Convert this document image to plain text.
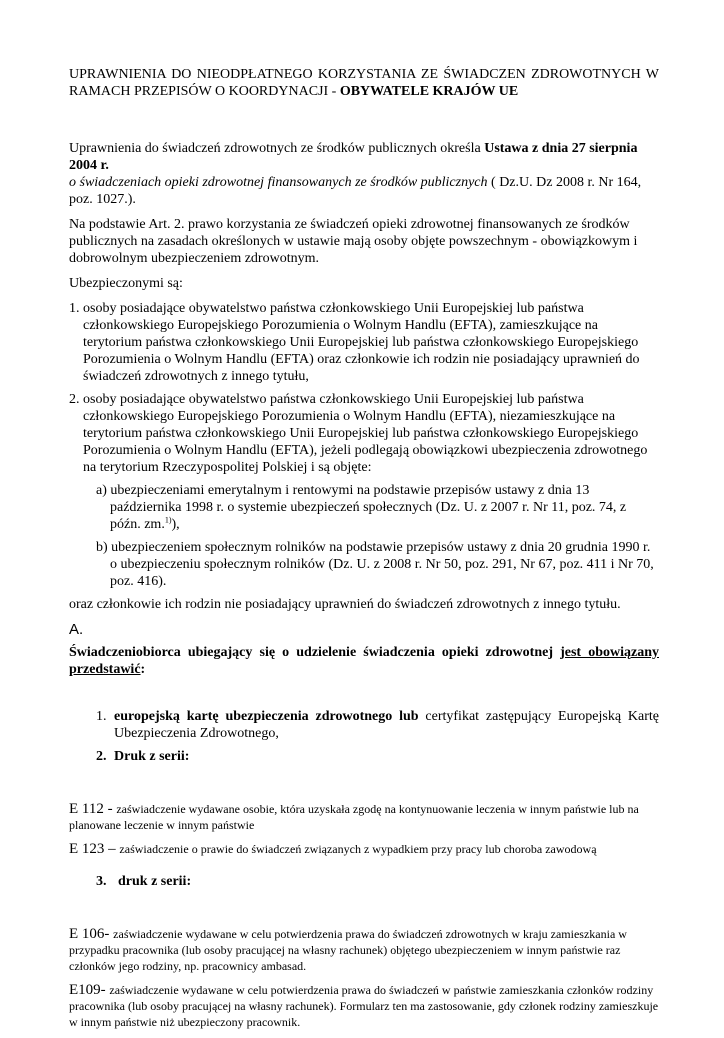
UPRAWNIENIA DO NIEODPŁATNEGO KORZYSTANIA ZE ŚWIADCZEN ZDROWOTNYCH W RAMACH PRZEPISÓW O KOORDYNACJI - OBYWATELE KRAJÓW UE

Uprawnienia do świadczeń zdrowotnych ze środków publicznych określa Ustawa z dnia 27 sierpnia 2004 r.
o świadczeniach opieki zdrowotnej finansowanych ze środków publicznych ( Dz.U. Dz 2008 r. Nr 164, poz. 1027.).

Na podstawie Art. 2. prawo korzystania ze świadczeń opieki zdrowotnej finansowanych ze środków publicznych na zasadach określonych w ustawie mają osoby objęte powszechnym - obowiązkowym i dobrowolnym ubezpieczeniem zdrowotnym.

Ubezpieczonymi są:

1. osoby posiadające obywatelstwo państwa członkowskiego Unii Europejskiej lub państwa członkowskiego Europejskiego Porozumienia o Wolnym Handlu (EFTA), zamieszkujące na terytorium państwa członkowskiego Unii Europejskiej lub państwa członkowskiego Europejskiego Porozumienia o Wolnym Handlu (EFTA) oraz członkowie ich rodzin nie posiadający uprawnień do świadczeń zdrowotnych z innego tytułu,

2. osoby posiadające obywatelstwo państwa członkowskiego Unii Europejskiej lub państwa członkowskiego Europejskiego Porozumienia o Wolnym Handlu (EFTA), niezamieszkujące na terytorium państwa członkowskiego Unii Europejskiej lub państwa członkowskiego Europejskiego Porozumienia o Wolnym Handlu (EFTA), jeżeli podlegają obowiązkowi ubezpieczenia zdrowotnego na terytorium Rzeczypospolitej Polskiej i są objęte:

a) ubezpieczeniami emerytalnym i rentowymi na podstawie przepisów ustawy z dnia 13 października 1998 r. o systemie ubezpieczeń społecznych (Dz. U. z 2007 r. Nr 11, poz. 74, z późn. zm.$^{1)}$),

b) ubezpieczeniem społecznym rolników na podstawie przepisów ustawy z dnia 20 grudnia 1990 r. o ubezpieczeniu społecznym rolników (Dz. U. z 2008 r. Nr 50, poz. 291, Nr 67, poz. 411 i Nr 70, poz. 416).

oraz członkowie ich rodzin nie posiadający uprawnień do świadczeń zdrowotnych z innego tytułu.

A.

Świadczeniobiorca ubiegający się o udzielenie świadczenia opieki zdrowotnej jest obowiązany

przedstawić:

1. europejską kartę ubezpieczenia zdrowotnego lub certyfikat zastępujący Europejską Kartę Ubezpieczenia Zdrowotnego,
2. Druk z serii:

E 112 - zaświadczenie wydawane osobie, która uzyskała zgodę na kontynuowanie leczenia w innym państwie lub na planowane leczenie w innym państwie

E 123 – zaświadczenie o prawie do świadczeń związanych z wypadkiem przy pracy lub choroba zawodową

3. druk z serii:

E 106- zaświadczenie wydawane w celu potwierdzenia prawa do świadczeń zdrowotnych w kraju zamieszkania w przypadku pracownika (lub osoby pracującej na własny rachunek) objętego ubezpieczeniem w innym państwie raz członków jego rodziny, np. pracownicy ambasad.

E109- zaświadczenie wydawane w celu potwierdzenia prawa do świadczeń w państwie zamieszkania członków rodziny pracownika (lub osoby pracującej na własny rachunek). Formularz ten ma zastosowanie, gdy członek rodziny zamieszkuje w innym państwie niż ubezpieczony pracownik.
